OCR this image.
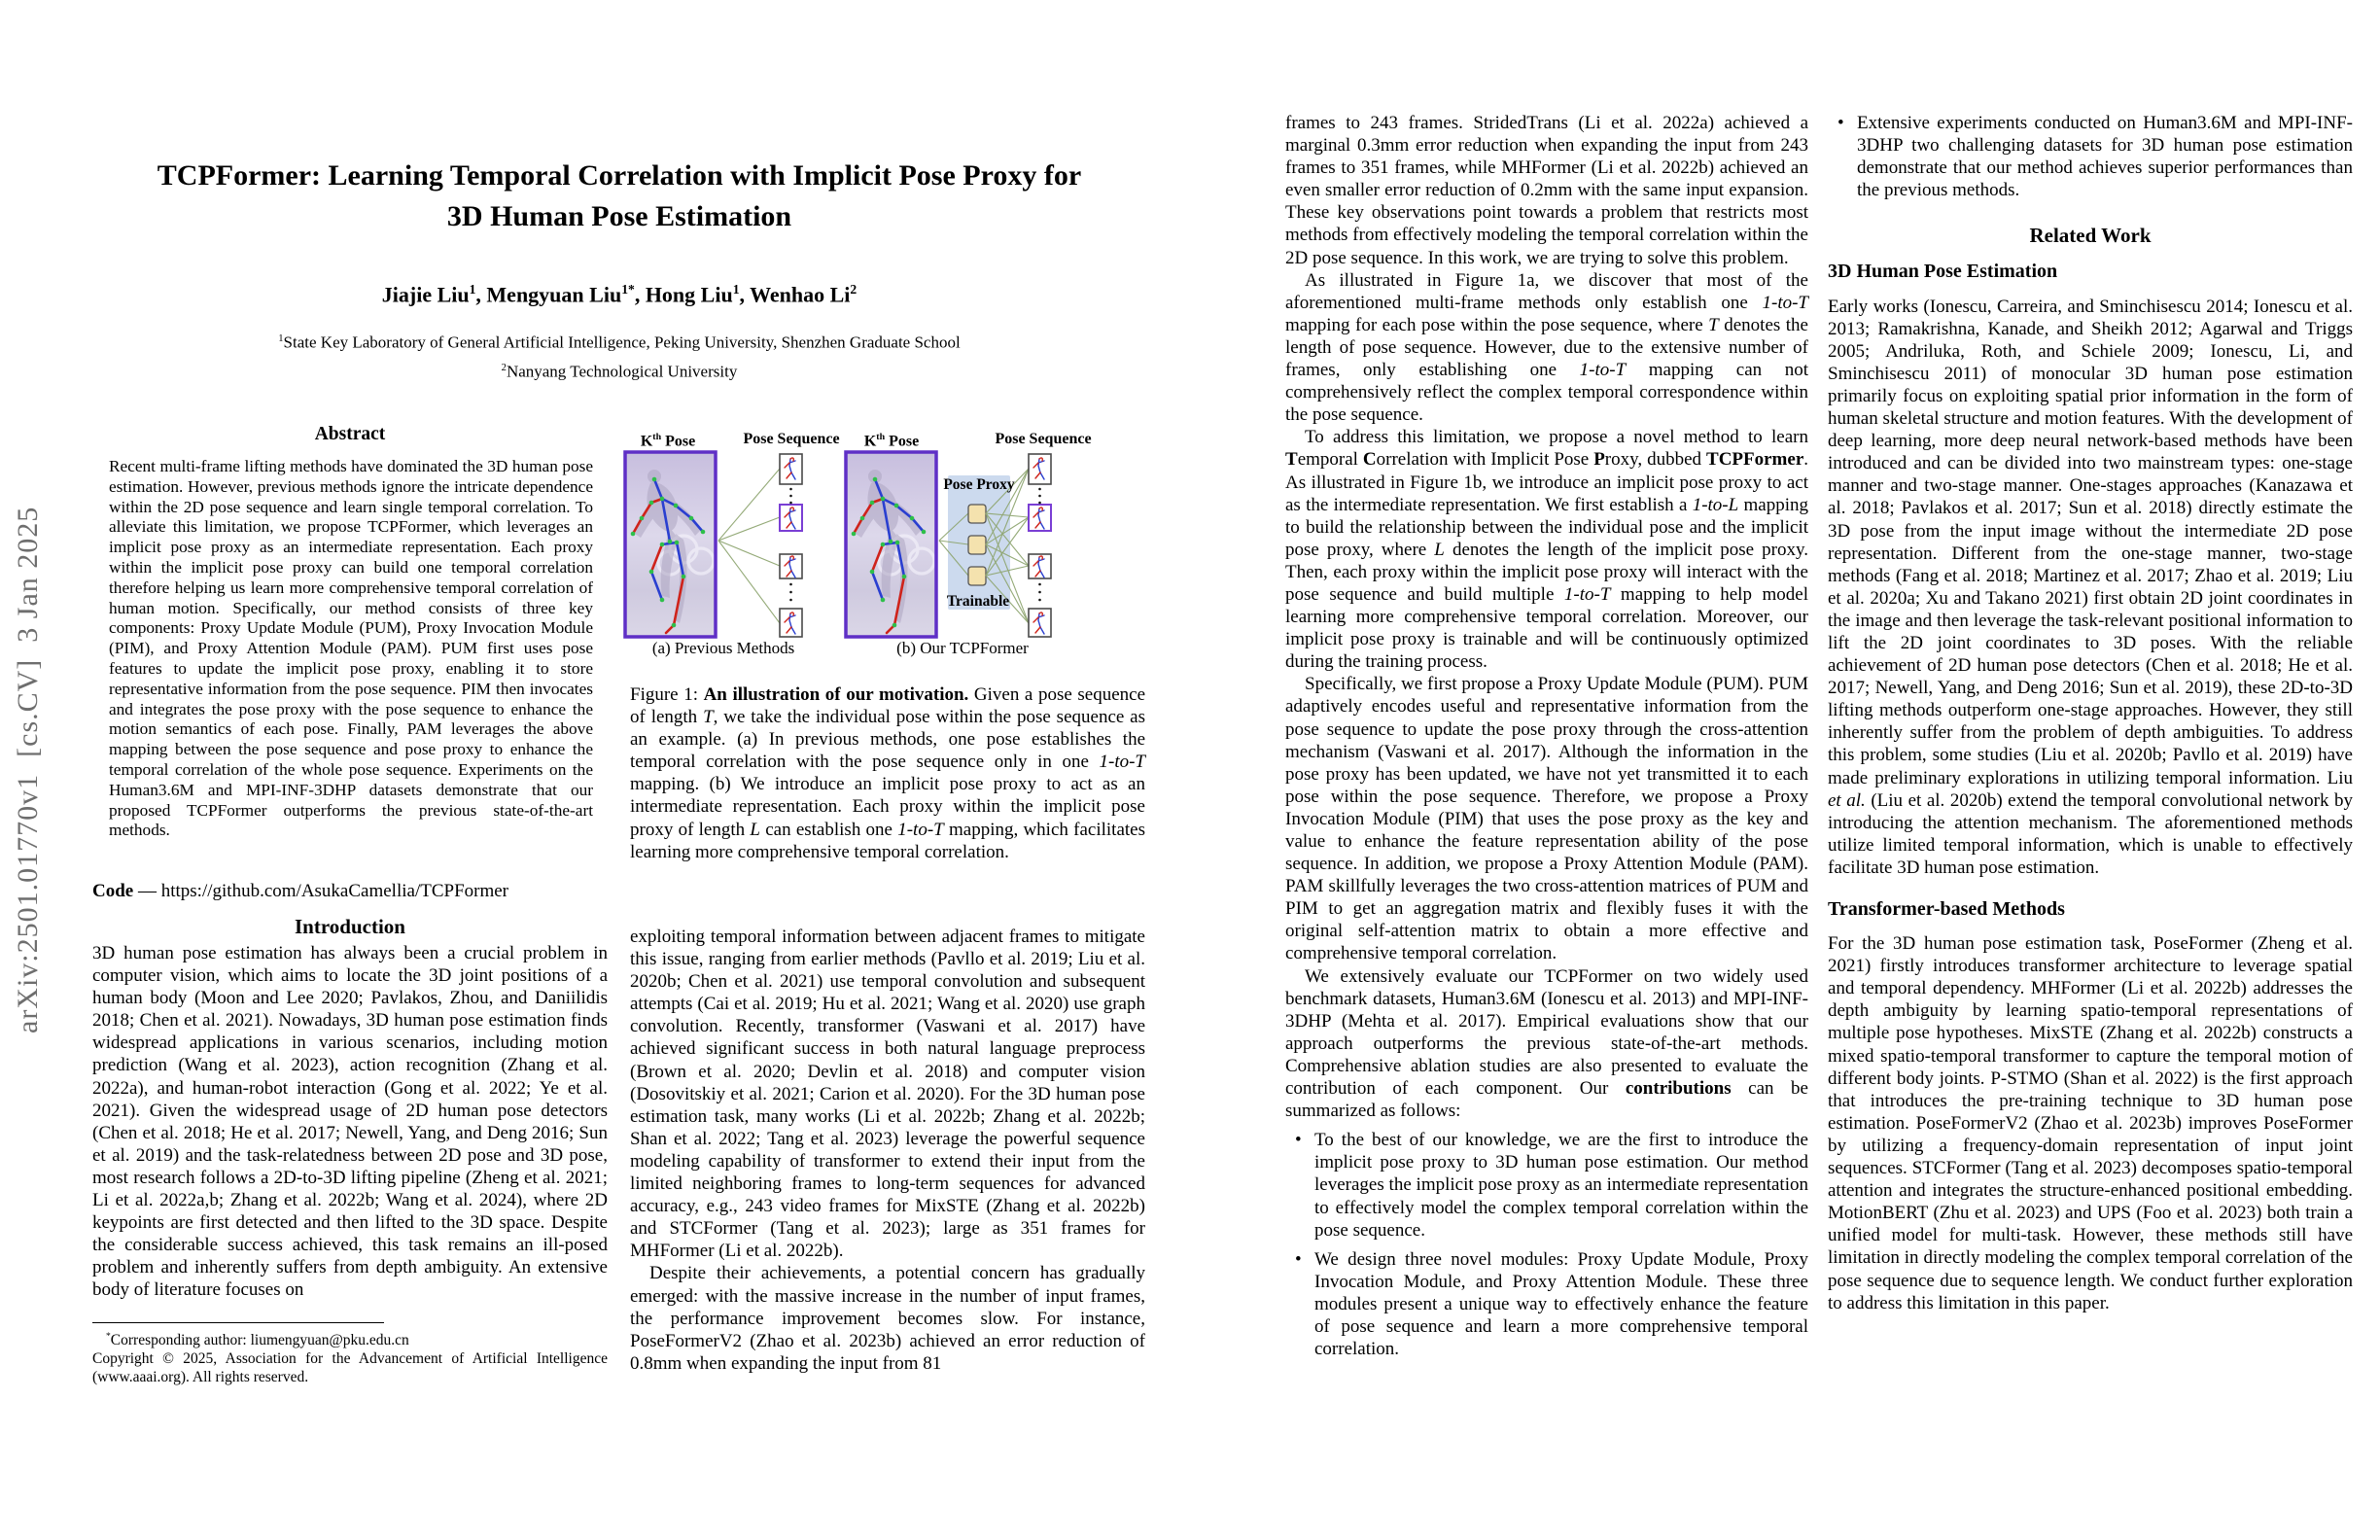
arXiv:2501.01770v1  [cs.CV]  3 Jan 2025
TCPFormer: Learning Temporal Correlation with Implicit Pose Proxy for
3D Human Pose Estimation
Jiajie Liu$^1$, Mengyuan Liu$^{1*}$, Hong Liu$^1$, Wenhao Li$^2$
$^1$State Key Laboratory of General Artificial Intelligence, Peking University, Shenzhen Graduate School
$^2$Nanyang Technological University
Abstract
Recent multi-frame lifting methods have dominated the 3D human pose estimation. However, previous methods ignore the intricate dependence within the 2D pose sequence and learn single temporal correlation. To alleviate this limitation, we propose TCPFormer, which leverages an implicit pose proxy as an intermediate representation. Each proxy within the implicit pose proxy can build one temporal correlation therefore helping us learn more comprehensive temporal correlation of human motion. Specifically, our method consists of three key components: Proxy Update Module (PUM), Proxy Invocation Module (PIM), and Proxy Attention Module (PAM). PUM first uses pose features to update the implicit pose proxy, enabling it to store representative information from the pose sequence. PIM then invocates and integrates the pose proxy with the pose sequence to enhance the motion semantics of each pose. Finally, PAM leverages the above mapping between the pose sequence and pose proxy to enhance the temporal correlation of the whole pose sequence. Experiments on the Human3.6M and MPI-INF-3DHP datasets demonstrate that our proposed TCPFormer outperforms the previous state-of-the-art methods.
Code — https://github.com/AsukaCamellia/TCPFormer
Introduction
3D human pose estimation has always been a crucial problem in computer vision, which aims to locate the 3D joint positions of a human body (Moon and Lee 2020; Pavlakos, Zhou, and Daniilidis 2018; Chen et al. 2021). Nowadays, 3D human pose estimation finds widespread applications in various scenarios, including motion prediction (Wang et al. 2023), action recognition (Zhang et al. 2022a), and human-robot interaction (Gong et al. 2022; Ye et al. 2021). Given the widespread usage of 2D human pose detectors (Chen et al. 2018; He et al. 2017; Newell, Yang, and Deng 2016; Sun et al. 2019) and the task-relatedness between 2D pose and 3D pose, most research follows a 2D-to-3D lifting pipeline (Zheng et al. 2021; Li et al. 2022a,b; Zhang et al. 2022b; Wang et al. 2024), where 2D keypoints are first detected and then lifted to the 3D space. Despite the considerable success achieved, this task remains an ill-posed problem and inherently suffers from depth ambiguity. An extensive body of literature focuses on
*Corresponding author: liumengyuan@pku.edu.cn
Copyright © 2025, Association for the Advancement of Artificial Intelligence (www.aaai.org). All rights reserved.
$K^{th}$ Pose	Pose Sequence $K^{th}$ Pose	Pose Sequence
Pose Proxy
Trainable
(a) Previous Methods	(b) Our TCPFormer
Figure 1: An illustration of our motivation. Given a pose sequence of length T, we take the individual pose within the pose sequence as an example. (a) In previous methods, one pose establishes the temporal correlation with the pose sequence only in one 1-to-T mapping. (b) We introduce an implicit pose proxy to act as an intermediate representation. Each proxy within the implicit pose proxy of length L can establish one 1-to-T mapping, which facilitates learning more comprehensive temporal correlation.

exploiting temporal information between adjacent frames to mitigate this issue, ranging from earlier methods (Pavllo et al. 2019; Liu et al. 2020b; Chen et al. 2021) use temporal convolution and subsequent attempts (Cai et al. 2019; Hu et al. 2021; Wang et al. 2020) use graph convolution. Recently, transformer (Vaswani et al. 2017) have achieved significant success in both natural language preprocess (Brown et al. 2020; Devlin et al. 2018) and computer vision (Dosovitskiy et al. 2021; Carion et al. 2020). For the 3D human pose estimation task, many works (Li et al. 2022b; Zhang et al. 2022b; Shan et al. 2022; Tang et al. 2023) leverage the powerful sequence modeling capability of transformer to extend their input from the limited neighboring frames to long-term sequences for advanced accuracy, e.g., 243 video frames for MixSTE (Zhang et al. 2022b) and STCFormer (Tang et al. 2023); large as 351 frames for MHFormer (Li et al. 2022b).

Despite their achievements, a potential concern has gradually emerged: with the massive increase in the number of input frames, the performance improvement becomes slow. For instance, PoseFormerV2 (Zhao et al. 2023b) achieved an error reduction of 0.8mm when expanding the input from 81

frames to 243 frames. StridedTrans (Li et al. 2022a) achieved a marginal 0.3mm error reduction when expanding the input from 243 frames to 351 frames, while MHFormer (Li et al. 2022b) achieved an even smaller error reduction of 0.2mm with the same input expansion. These key observations point towards a problem that restricts most methods from effectively modeling the temporal correlation within the 2D pose sequence. In this work, we are trying to solve this problem.

As illustrated in Figure 1a, we discover that most of the aforementioned multi-frame methods only establish one 1-to-T mapping for each pose within the pose sequence, where T denotes the length of pose sequence. However, due to the extensive number of frames, only establishing one 1-to-T mapping can not comprehensively reflect the complex temporal correspondence within the pose sequence.

To address this limitation, we propose a novel method to learn Temporal Correlation with Implicit Pose Proxy, dubbed TCPFormer. As illustrated in Figure 1b, we introduce an implicit pose proxy to act as the intermediate representation. We first establish a 1-to-L mapping to build the relationship between the individual pose and the implicit pose proxy, where L denotes the length of the implicit pose proxy. Then, each proxy within the implicit pose proxy will interact with the pose sequence and build multiple 1-to-T mapping to help model learning more comprehensive temporal correlation. Moreover, our implicit pose proxy is trainable and will be continuously optimized during the training process.

Specifically, we first propose a Proxy Update Module (PUM). PUM adaptively encodes useful and representative information from the pose sequence to update the pose proxy through the cross-attention mechanism (Vaswani et al. 2017). Although the information in the pose proxy has been updated, we have not yet transmitted it to each pose within the pose sequence. Therefore, we propose a Proxy Invocation Module (PIM) that uses the pose proxy as the key and value to enhance the feature representation ability of the pose sequence. In addition, we propose a Proxy Attention Module (PAM). PAM skillfully leverages the two cross-attention matrices of PUM and PIM to get an aggregation matrix and flexibly fuses it with the original self-attention matrix to obtain a more effective and comprehensive temporal correlation.

We extensively evaluate our TCPFormer on two widely used benchmark datasets, Human3.6M (Ionescu et al. 2013) and MPI-INF-3DHP (Mehta et al. 2017). Empirical evaluations show that our approach outperforms the previous state-of-the-art methods. Comprehensive ablation studies are also presented to evaluate the contribution of each component. Our contributions can be summarized as follows:

• To the best of our knowledge, we are the first to introduce the implicit pose proxy to 3D human pose estimation. Our method leverages the implicit pose proxy as an intermediate representation to effectively model the complex temporal correlation within the pose sequence.
• We design three novel modules: Proxy Update Module, Proxy Invocation Module, and Proxy Attention Module. These three modules present a unique way to effectively enhance the feature of pose sequence and learn a more comprehensive temporal correlation.
• Extensive experiments conducted on Human3.6M and MPI-INF-3DHP two challenging datasets for 3D human pose estimation demonstrate that our method achieves superior performances than the previous methods.
Related Work
3D Human Pose Estimation

Early works (Ionescu, Carreira, and Sminchisescu 2014; Ionescu et al. 2013; Ramakrishna, Kanade, and Sheikh 2012; Agarwal and Triggs 2005; Andriluka, Roth, and Schiele 2009; Ionescu, Li, and Sminchisescu 2011) of monocular 3D human pose estimation primarily focus on exploiting spatial prior information in the form of human skeletal structure and motion features. With the development of deep learning, more deep neural network-based methods have been introduced and can be divided into two mainstream types: one-stage manner and two-stage manner. One-stages approaches (Kanazawa et al. 2018; Pavlakos et al. 2017; Sun et al. 2018) directly estimate the 3D pose from the input image without the intermediate 2D pose representation. Different from the one-stage manner, two-stage methods (Fang et al. 2018; Martinez et al. 2017; Zhao et al. 2019; Liu et al. 2020a; Xu and Takano 2021) first obtain 2D joint coordinates in the image and then leverage the task-relevant positional information to lift the 2D joint coordinates to 3D poses. With the reliable achievement of 2D human pose detectors (Chen et al. 2018; He et al. 2017; Newell, Yang, and Deng 2016; Sun et al. 2019), these 2D-to-3D lifting methods outperform one-stage approaches. However, they still inherently suffer from the problem of depth ambiguities. To address this problem, some studies (Liu et al. 2020b; Pavllo et al. 2019) have made preliminary explorations in utilizing temporal information. Liu et al. (Liu et al. 2020b) extend the temporal convolutional network by introducing the attention mechanism. The aforementioned methods utilize limited temporal information, which is unable to effectively facilitate 3D human pose estimation.

Transformer-based Methods

For the 3D human pose estimation task, PoseFormer (Zheng et al. 2021) firstly introduces transformer architecture to leverage spatial and temporal dependency. MHFormer (Li et al. 2022b) addresses the depth ambiguity by learning spatio-temporal representations of multiple pose hypotheses. MixSTE (Zhang et al. 2022b) constructs a mixed spatio-temporal transformer to capture the temporal motion of different body joints. P-STMO (Shan et al. 2022) is the first approach that introduces the pre-training technique to 3D human pose estimation. PoseFormerV2 (Zhao et al. 2023b) improves PoseFormer by utilizing a frequency-domain representation of input joint sequences. STCFormer (Tang et al. 2023) decomposes spatio-temporal attention and integrates the structure-enhanced positional embedding. MotionBERT (Zhu et al. 2023) and UPS (Foo et al. 2023) both train a unified model for multi-task. However, these methods still have limitation in directly modeling the complex temporal correlation of the pose sequence due to sequence length. We conduct further exploration to address this limitation in this paper.
